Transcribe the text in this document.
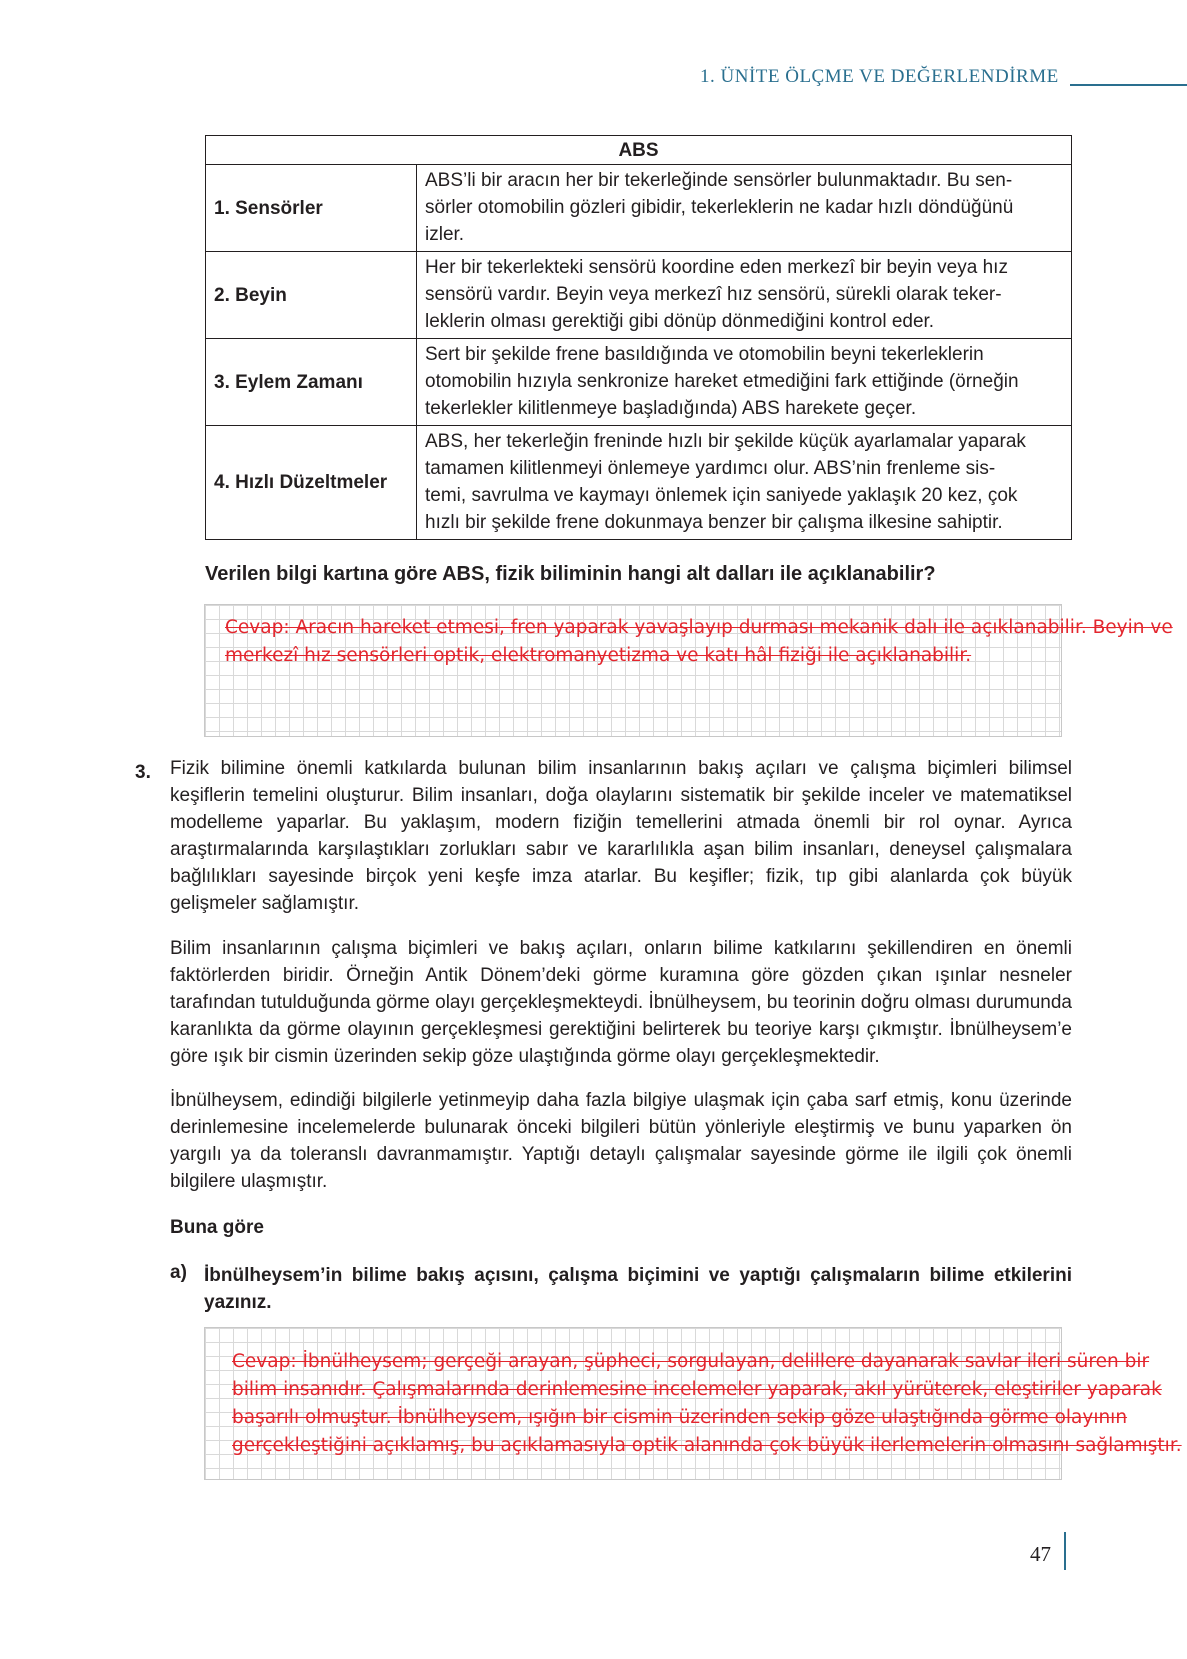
1. ÜNİTE ÖLÇME VE DEĞERLENDİRME
ABS	
1. Sensörler	ABS’li bir aracın her bir tekerleğinde sensörler bulunmaktadır. Bu sen-
sörler otomobilin gözleri gibidir, tekerleklerin ne kadar hızlı döndüğünü
izler.

2. Beyin	Her bir tekerlekteki sensörü koordine eden merkezî bir beyin veya hız
sensörü vardır. Beyin veya merkezî hız sensörü, sürekli olarak teker-
leklerin olması gerektiği gibi dönüp dönmediğini kontrol eder.

3. Eylem Zamanı	Sert bir şekilde frene basıldığında ve otomobilin beyni tekerleklerin
otomobilin hızıyla senkronize hareket etmediğini fark ettiğinde (örneğin
tekerlekler kilitlenmeye başladığında) ABS harekete geçer.

4. Hızlı Düzeltmeler	ABS, her tekerleğin freninde hızlı bir şekilde küçük ayarlamalar yaparak
tamamen kilitlenmeyi önlemeye yardımcı olur. ABS’nin frenleme sis-
temi, savrulma ve kaymayı önlemek için saniyede yaklaşık 20 kez, çok
hızlı bir şekilde frene dokunmaya benzer bir çalışma ilkesine sahiptir.
Verilen bilgi kartına göre ABS, fizik biliminin hangi alt dalları ile açıklanabilir?
Cevap: Aracın hareket etmesi, fren yaparak yavaşlayıp durması mekanik dalı ile açıklanabilir. Beyin ve
merkezî hız sensörleri optik, elektromanyetizma ve katı hâl fiziği ile açıklanabilir.
3. Fizik bilimine önemli katkılarda bulunan bilim insanlarının bakış açıları ve çalışma biçimleri bilimsel keşiflerin temelini oluşturur. Bilim insanları, doğa olaylarını sistematik bir şekilde inceler ve matematiksel modelleme yaparlar. Bu yaklaşım, modern fiziğin temellerini atmada önemli bir rol oynar. Ayrıca araştırmalarında karşılaştıkları zorlukları sabır ve kararlılıkla aşan bilim insanları, deneysel çalışmalara bağlılıkları sayesinde birçok yeni keşfe imza atarlar. Bu keşifler; fizik, tıp gibi alanlarda çok büyük gelişmeler sağlamıştır.

Bilim insanlarının çalışma biçimleri ve bakış açıları, onların bilime katkılarını şekillendiren en önemli faktörlerden biridir. Örneğin Antik Dönem’deki görme kuramına göre gözden çıkan ışınlar nesneler tarafından tutulduğunda görme olayı gerçekleşmekteydi. İbnülheysem, bu teorinin doğru olması durumunda karanlıkta da görme olayının gerçekleşmesi gerektiğini belirterek bu teoriye karşı çıkmıştır. İbnülheysem’e göre ışık bir cismin üzerinden sekip göze ulaştığında görme olayı gerçekleşmektedir.

İbnülheysem, edindiği bilgilerle yetinmeyip daha fazla bilgiye ulaşmak için çaba sarf etmiş, konu üzerinde derinlemesine incelemelerde bulunarak önceki bilgileri bütün yönleriyle eleştirmiş ve bunu yaparken ön yargılı ya da toleranslı davranmamıştır. Yaptığı detaylı çalışmalar sayesinde görme ile ilgili çok önemli bilgilere ulaşmıştır.

Buna göre
a) İbnülheysem’in bilime bakış açısını, çalışma biçimini ve yaptığı çalışmaların bilime etkilerini yazınız.

Cevap: İbnülheysem; gerçeği arayan, şüpheci, sorgulayan, delillere dayanarak savlar ileri süren bir
bilim insanıdır. Çalışmalarında derinlemesine incelemeler yaparak, akıl yürüterek, eleştiriler yaparak
başarılı olmuştur. İbnülheysem, ışığın bir cismin üzerinden sekip göze ulaştığında görme olayının
gerçekleştiğini açıklamış, bu açıklamasıyla optik alanında çok büyük ilerlemelerin olmasını sağlamıştır.
47
